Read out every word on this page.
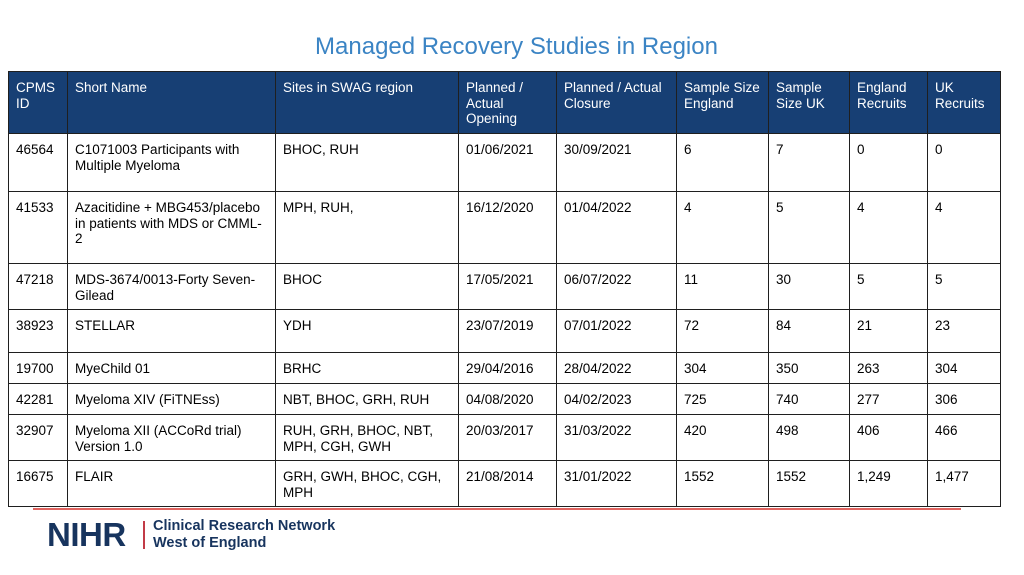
Managed Recovery Studies in Region
CPMS ID	Short Name	Sites in SWAG region	Planned / Actual Opening	Planned / Actual Closure	Sample Size England	Sample Size UK	England Recruits	UK Recruits
46564	C1071003 Participants with Multiple Myeloma	BHOC, RUH	01/06/2021	30/09/2021	6	7	0	0
41533	Azacitidine + MBG453/placebo in patients with MDS or CMML-2	MPH, RUH,	16/12/2020	01/04/2022	4	5	4	4
47218	MDS-3674/0013-Forty Seven-Gilead	BHOC	17/05/2021	06/07/2022	11	30	5	5
38923	STELLAR	YDH	23/07/2019	07/01/2022	72	84	21	23
19700	MyeChild 01	BRHC	29/04/2016	28/04/2022	304	350	263	304
42281	Myeloma XIV (FiTNEss)	NBT, BHOC, GRH, RUH	04/08/2020	04/02/2023	725	740	277	306
32907	Myeloma XII (ACCoRd trial) Version 1.0	RUH, GRH, BHOC, NBT, MPH, CGH, GWH	20/03/2017	31/03/2022	420	498	406	466
16675	FLAIR	GRH, GWH, BHOC, CGH, MPH	21/08/2014	31/01/2022	1552	1552	1,249	1,477
NIHR Clinical Research Network
West of England
